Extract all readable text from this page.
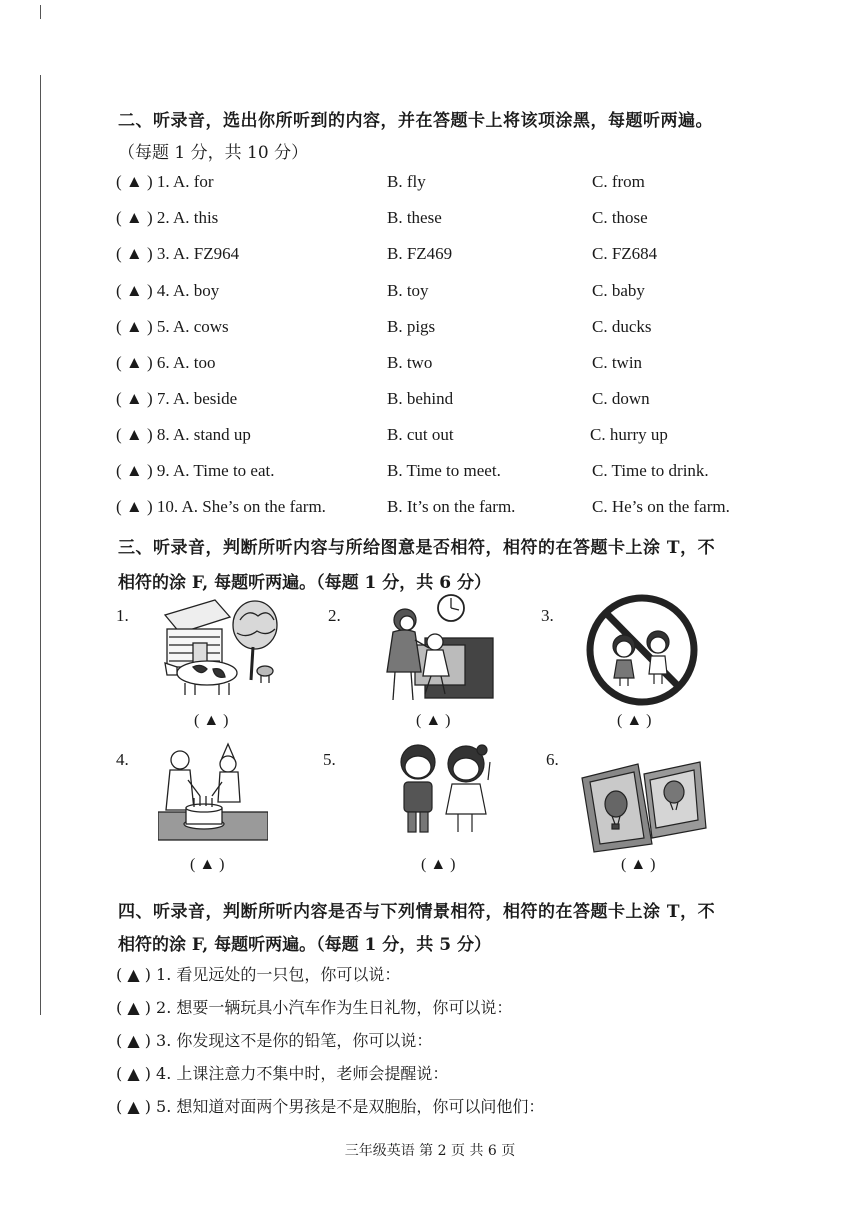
二、听录音，选出你所听到的内容，并在答题卡上将该项涂黑，每题听两遍。
（每题 1 分，共 10 分）
( ▲ ) 1. A. for	B. fly	C. from
( ▲ ) 2. A. this	B. these	C. those
( ▲ ) 3. A. FZ964	B. FZ469	C. FZ684
( ▲ ) 4. A. boy	B. toy	C. baby
( ▲ ) 5. A. cows	B. pigs	C. ducks
( ▲ ) 6. A. too	B. two	C. twin
( ▲ ) 7. A. beside	B. behind	C. down
( ▲ ) 8. A. stand up	B. cut out	C. hurry up
( ▲ ) 9. A. Time to eat.	B. Time to meet.	C. Time to drink.
( ▲ ) 10. A. She’s on the farm.	B. It’s on the farm.	C. He’s on the farm.
三、听录音，判断所听内容与所给图意是否相符，相符的在答题卡上涂 T，不
相符的涂 F, 每题听两遍。（每题 1 分，共 6 分）
1.	2.	3.
4.	5.	6.
( ▲ )	( ▲ )	( ▲ )
( ▲ )	( ▲ )	( ▲ )
四、听录音，判断所听内容是否与下列情景相符，相符的在答题卡上涂 T，不
相符的涂 F, 每题听两遍。（每题 1 分，共 5 分）
( ▲ ) 1. 看见远处的一只包，你可以说：
( ▲ ) 2. 想要一辆玩具小汽车作为生日礼物，你可以说：
( ▲ ) 3. 你发现这不是你的铅笔，你可以说：
( ▲ ) 4. 上课注意力不集中时，老师会提醒说：
( ▲ ) 5. 想知道对面两个男孩是不是双胞胎，你可以问他们：
三年级英语 第 2 页 共 6 页
